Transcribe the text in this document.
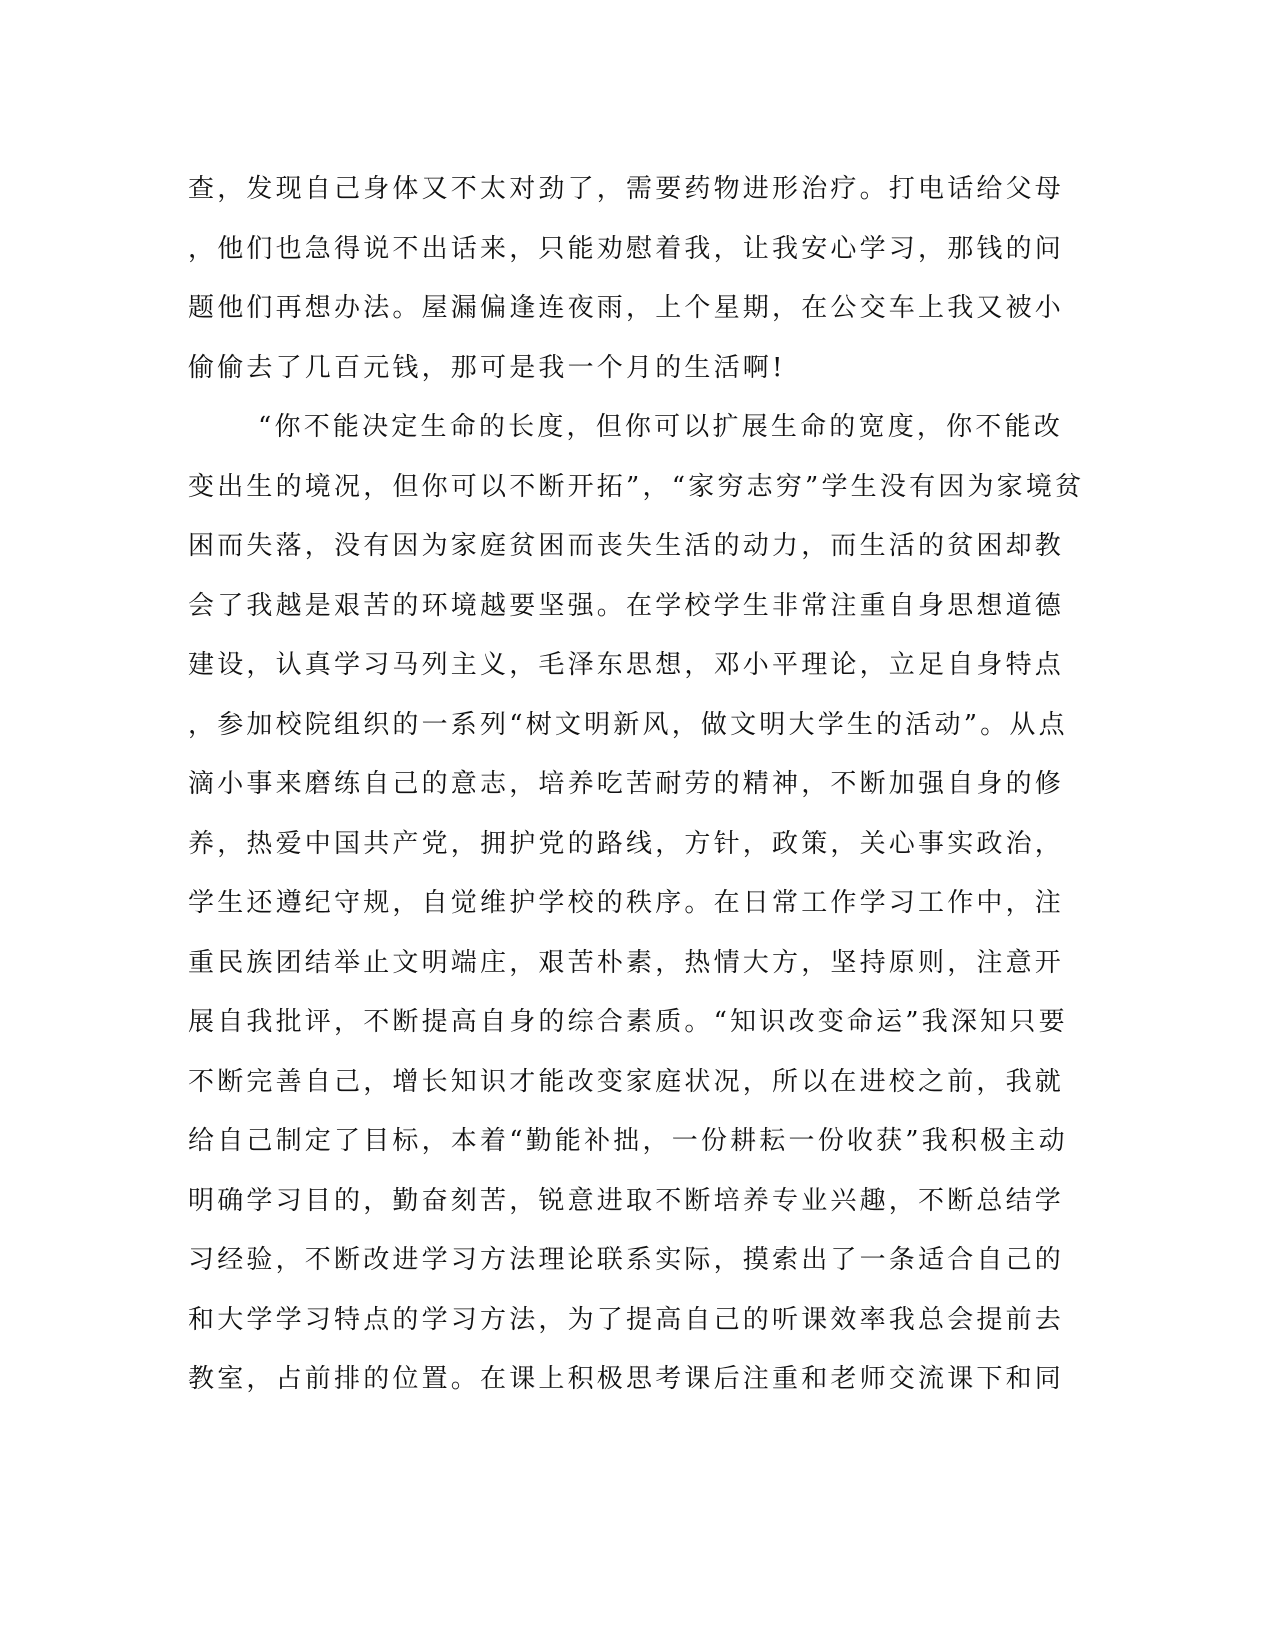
查，发现自己身体又不太对劲了，需要药物进形治疗。打电话给父母
，他们也急得说不出话来，只能劝慰着我，让我安心学习，那钱的问
题他们再想办法。屋漏偏逢连夜雨，上个星期，在公交车上我又被小
偷偷去了几百元钱，那可是我一个月的生活啊!
“你不能决定生命的长度，但你可以扩展生命的宽度，你不能改
变出生的境况，但你可以不断开拓”，“家穷志穷”学生没有因为家境贫
困而失落，没有因为家庭贫困而丧失生活的动力，而生活的贫困却教
会了我越是艰苦的环境越要坚强。在学校学生非常注重自身思想道德
建设，认真学习马列主义，毛泽东思想，邓小平理论，立足自身特点
，参加校院组织的一系列“树文明新风，做文明大学生的活动”。从点
滴小事来磨练自己的意志，培养吃苦耐劳的精神，不断加强自身的修
养，热爱中国共产党，拥护党的路线，方针，政策，关心事实政治，
学生还遵纪守规，自觉维护学校的秩序。在日常工作学习工作中，注
重民族团结举止文明端庄，艰苦朴素，热情大方，坚持原则，注意开
展自我批评，不断提高自身的综合素质。“知识改变命运”我深知只要
不断完善自己，增长知识才能改变家庭状况，所以在进校之前，我就
给自己制定了目标，本着“勤能补拙，一份耕耘一份收获”我积极主动
明确学习目的，勤奋刻苦，锐意进取不断培养专业兴趣，不断总结学
习经验，不断改进学习方法理论联系实际，摸索出了一条适合自己的
和大学学习特点的学习方法，为了提高自己的听课效率我总会提前去
教室，占前排的位置。在课上积极思考课后注重和老师交流课下和同
